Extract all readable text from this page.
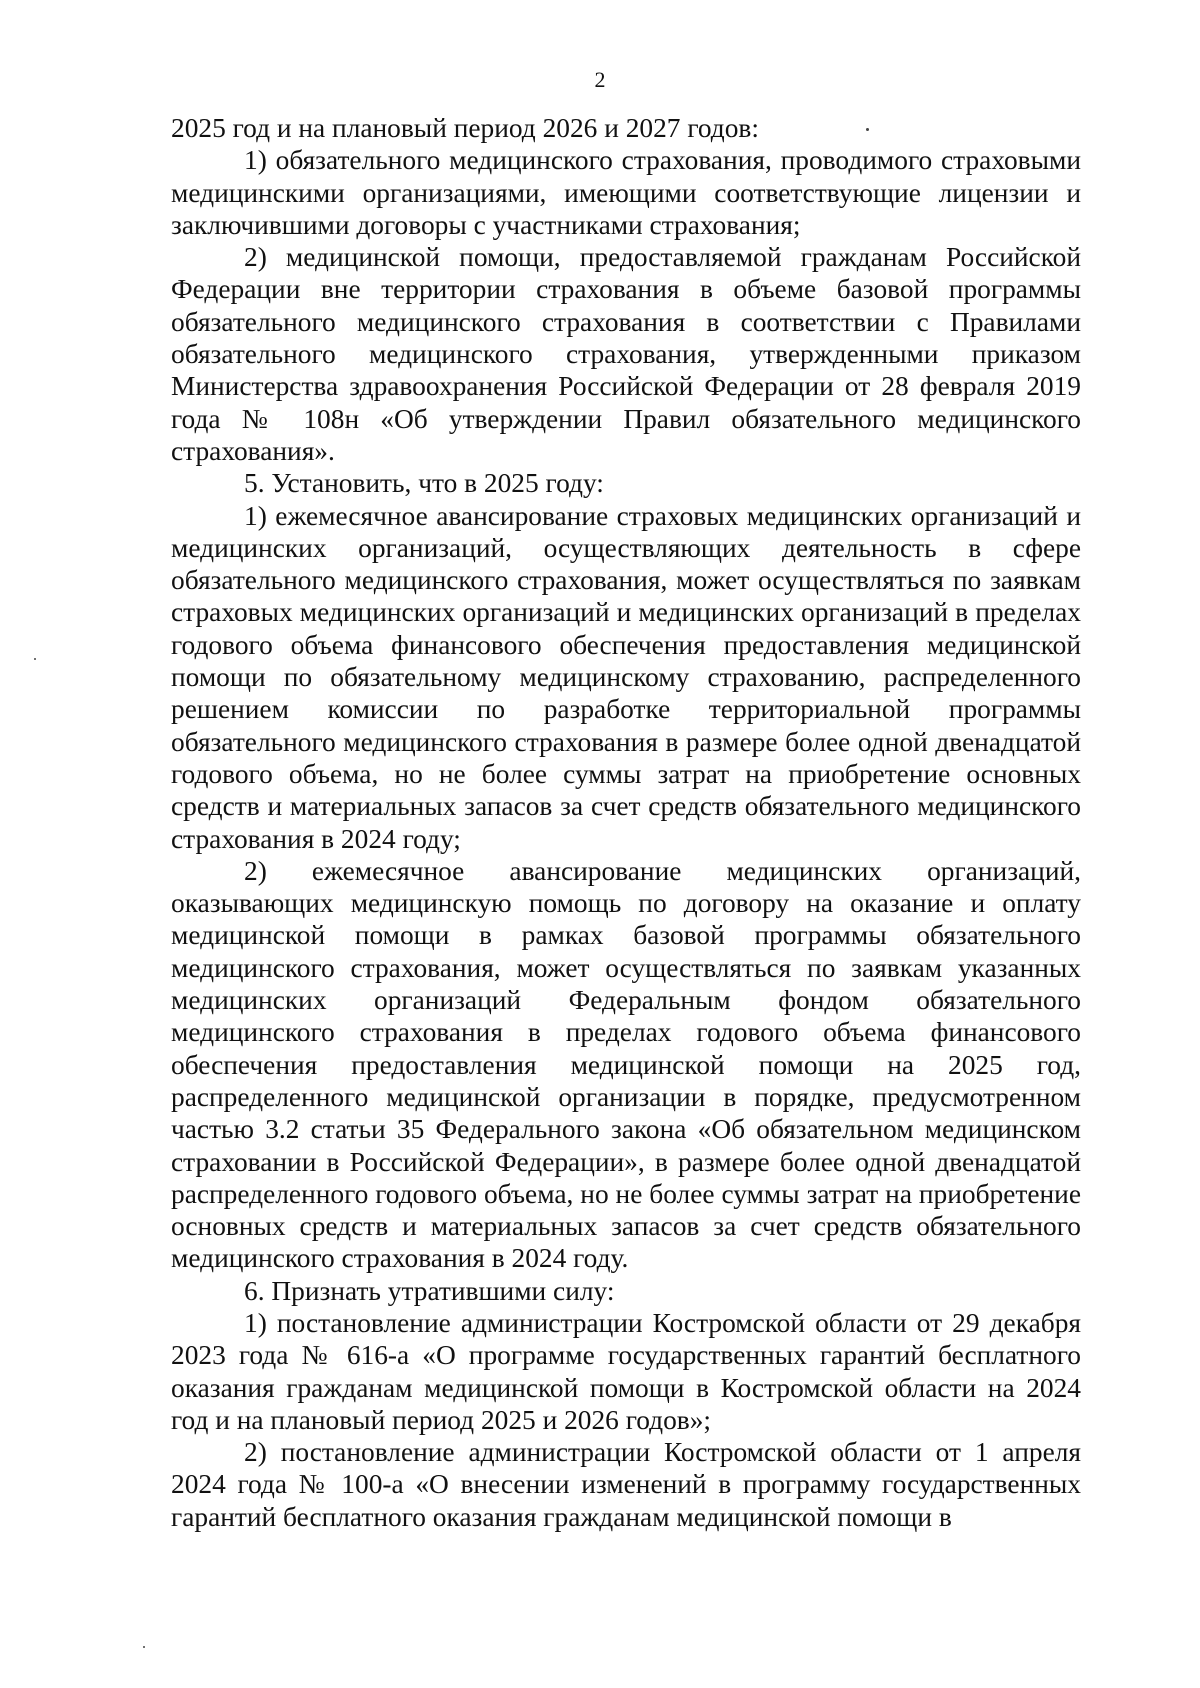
2

2025 год и на плановый период 2026 и 2027 годов:

1) обязательного медицинского страхования, проводимого страховыми медицинскими организациями, имеющими соответствующие лицензии и заключившими договоры с участниками страхования;

2) медицинской помощи, предоставляемой гражданам Российской Федерации вне территории страхования в объеме базовой программы обязательного медицинского страхования в соответствии с Правилами обязательного медицинского страхования, утвержденными приказом Министерства здравоохранения Российской Федерации от 28 февраля 2019 года № 108н «Об утверждении Правил обязательного медицинского страхования».

5. Установить, что в 2025 году:

1) ежемесячное авансирование страховых медицинских организаций и медицинских организаций, осуществляющих деятельность в сфере обязательного медицинского страхования, может осуществляться по заявкам страховых медицинских организаций и медицинских организаций в пределах годового объема финансового обеспечения предоставления медицинской помощи по обязательному медицинскому страхованию, распределенного решением комиссии по разработке территориальной программы обязательного медицинского страхования в размере более одной двенадцатой годового объема, но не более суммы затрат на приобретение основных средств и материальных запасов за счет средств обязательного медицинского страхования в 2024 году;

2) ежемесячное авансирование медицинских организаций, оказывающих медицинскую помощь по договору на оказание и оплату медицинской помощи в рамках базовой программы обязательного медицинского страхования, может осуществляться по заявкам указанных медицинских организаций Федеральным фондом обязательного медицинского страхования в пределах годового объема финансового обеспечения предоставления медицинской помощи на 2025 год, распределенного медицинской организации в порядке, предусмотренном частью 3.2 статьи 35 Федерального закона «Об обязательном медицинском страховании в Российской Федерации», в размере более одной двенадцатой распределенного годового объема, но не более суммы затрат на приобретение основных средств и материальных запасов за счет средств обязательного медицинского страхования в 2024 году.

6. Признать утратившими силу:

1) постановление администрации Костромской области от 29 декабря 2023 года № 616-а «О программе государственных гарантий бесплатного оказания гражданам медицинской помощи в Костромской области на 2024 год и на плановый период 2025 и 2026 годов»;

2) постановление администрации Костромской области от 1 апреля 2024 года № 100-а «О внесении изменений в программу государственных гарантий бесплатного оказания гражданам медицинской помощи в
